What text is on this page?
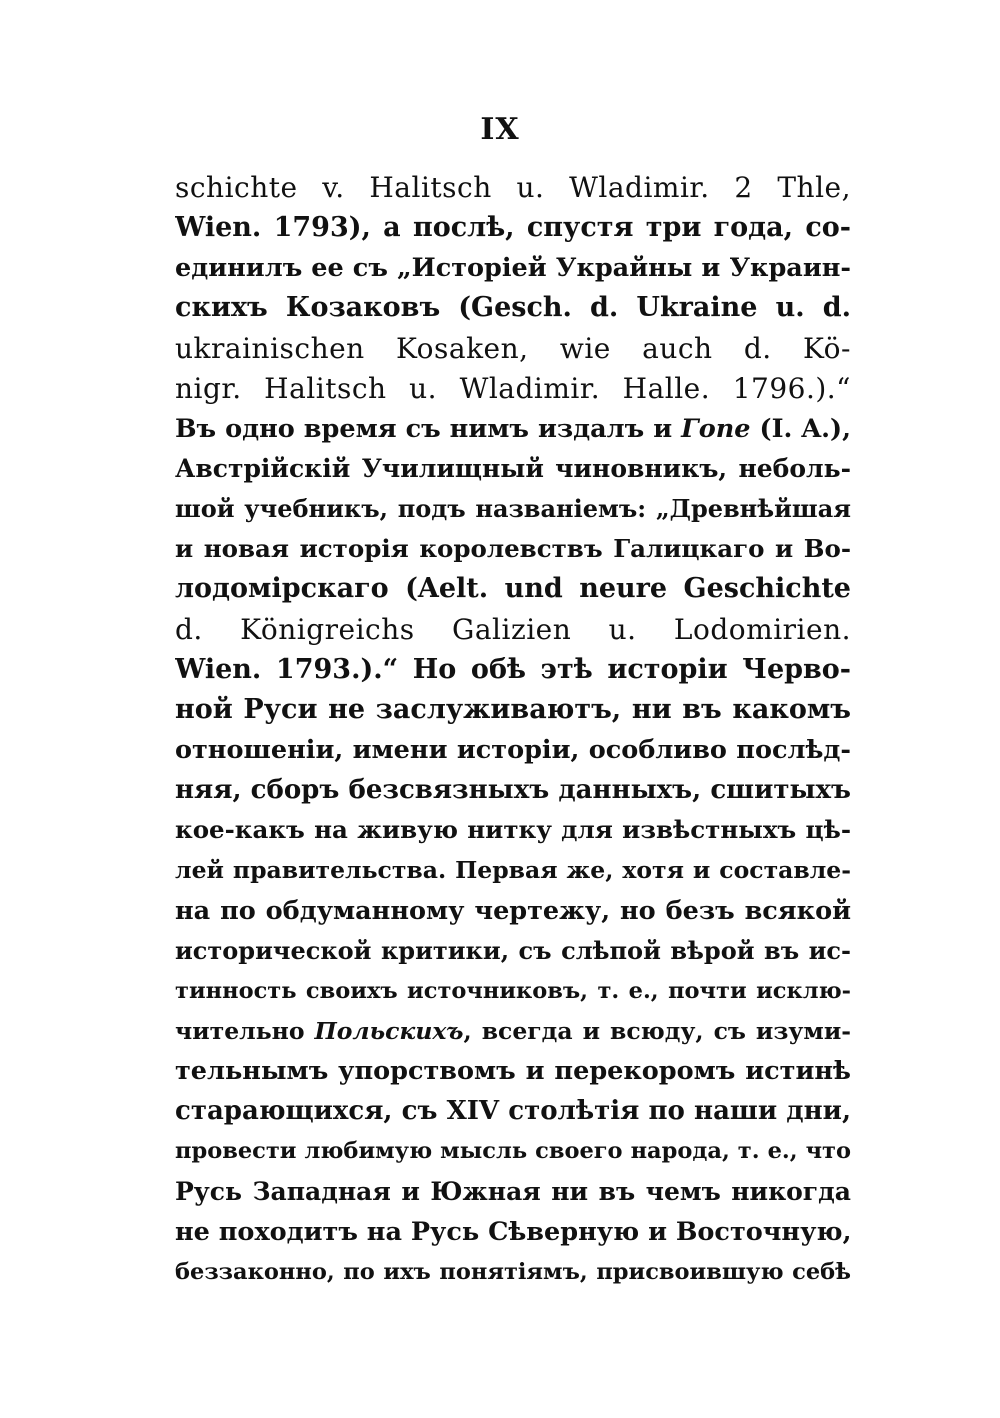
IX
schichte v. Halitsch u. Wladimir. 2 Thle,
Wien. 1793), а послѣ, спустя три года, со-
единилъ ее съ „Исторіей Украйны и Украин-
скихъ Козаковъ (Gesch. d. Ukraine u. d.
ukrainischen Kosaken, wie auch d. Kö-
nigr. Halitsch u. Wladimir. Halle. 1796.).“
Въ одно время съ нимъ издалъ и Гопе (I. A.),
Австрійскій Училищный чиновникъ, неболь-
шой учебникъ, подъ названіемъ: „Древнѣйшая
и новая исторія королевствъ Галицкаго и Во-
лодомірскаго (Aelt. und neure Geschichte
d. Königreichs Galizien u. Lodomirien.
Wien. 1793.).“ Но обѣ этѣ исторіи Червo-
ной Руси не заслуживаютъ, ни въ какомъ
отношеніи, имени исторіи, особливо послѣд-
няя, сборъ безсвязныхъ данныхъ, сшитыхъ
кое-какъ на живую нитку для извѣстныхъ цѣ-
лей правительства. Первая же, хотя и составле-
на по обдуманному чертежу, но безъ всякой
исторической критики, съ слѣпой вѣрой въ ис-
тинность своихъ источниковъ, т. е., почти исклю-
чительно Польскихъ, всегда и всюду, съ изуми-
тельнымъ упорствомъ и перекоромъ истинѣ
старающихся, съ XIV столѣтія по наши дни,
провести любимую мысль своего народа, т. е., что
Русь Западная и Южная ни въ чемъ никогда
не походитъ на Русь Сѣверную и Восточную,
беззаконно, по ихъ понятіямъ, присвоившую себѣ
